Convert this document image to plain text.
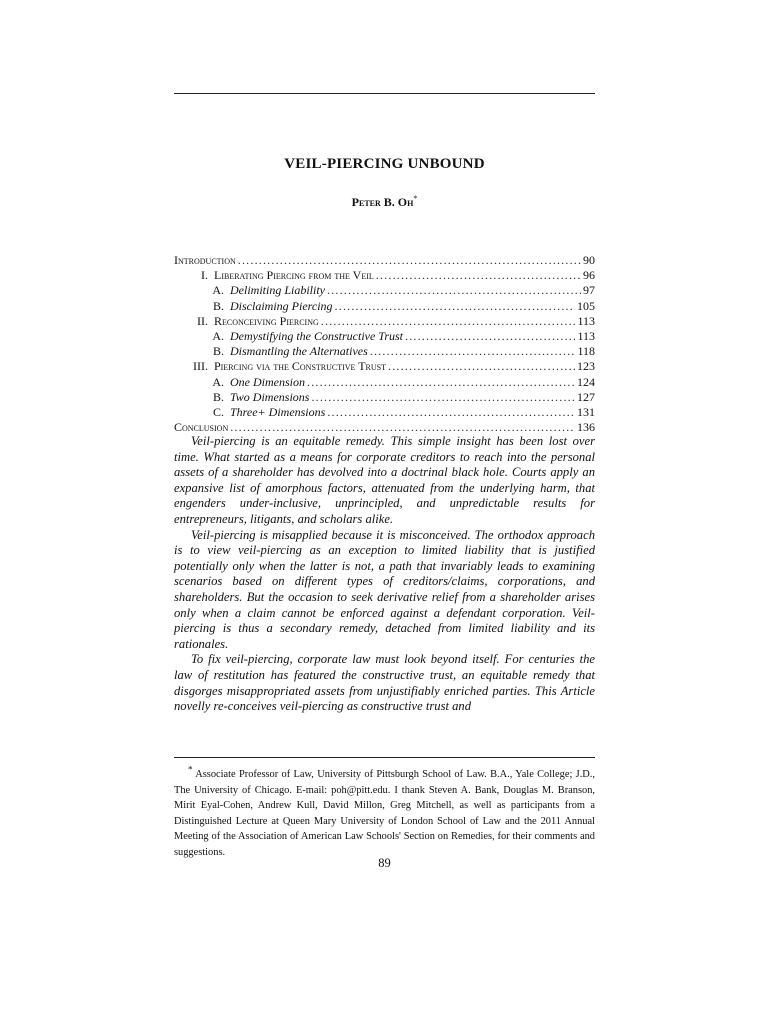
VEIL-PIERCING UNBOUND
Peter B. Oh*
Introduction .....	90
I. Liberating Piercing from the Veil .....	96
A. Delimiting Liability .....	97
B. Disclaiming Piercing .....	105
II. Reconceiving Piercing .....	113
A. Demystifying the Constructive Trust .....	113
B. Dismantling the Alternatives .....	118
III. Piercing via the Constructive Trust .....	123
A. One Dimension .....	124
B. Two Dimensions .....	127
C. Three+ Dimensions .....	131
Conclusion .....	136

Veil-piercing is an equitable remedy. This simple insight has been lost over time. What started as a means for corporate creditors to reach into the personal assets of a shareholder has devolved into a doctrinal black hole. Courts apply an expansive list of amorphous factors, attenuated from the underlying harm, that engenders under-inclusive, unprincipled, and unpredictable results for entrepreneurs, litigants, and scholars alike.

Veil-piercing is misapplied because it is misconceived. The orthodox approach is to view veil-piercing as an exception to limited liability that is justified potentially only when the latter is not, a path that invariably leads to examining scenarios based on different types of creditors/claims, corporations, and shareholders. But the occasion to seek derivative relief from a shareholder arises only when a claim cannot be enforced against a defendant corporation. Veil-piercing is thus a secondary remedy, detached from limited liability and its rationales.

To fix veil-piercing, corporate law must look beyond itself. For centuries the law of restitution has featured the constructive trust, an equitable remedy that disgorges misappropriated assets from unjustifiably enriched parties. This Article novelly re-conceives veil-piercing as constructive trust and

* Associate Professor of Law, University of Pittsburgh School of Law. B.A., Yale College; J.D., The University of Chicago. E-mail: poh@pitt.edu. I thank Steven A. Bank, Douglas M. Branson, Mirit Eyal-Cohen, Andrew Kull, David Millon, Greg Mitchell, as well as participants from a Distinguished Lecture at Queen Mary University of London School of Law and the 2011 Annual Meeting of the Association of American Law Schools' Section on Remedies, for their comments and suggestions.

89
